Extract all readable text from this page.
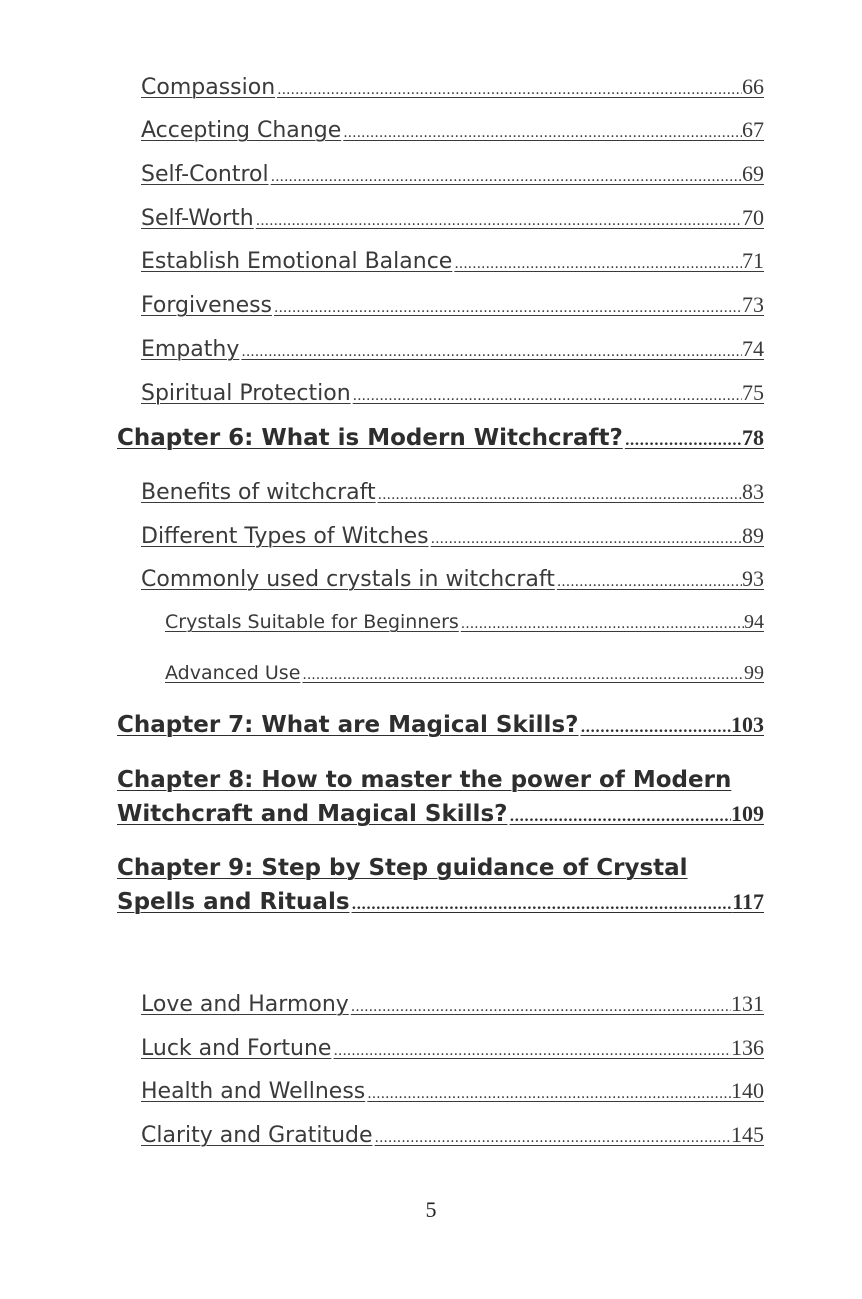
Compassion .....	66
Accepting Change .....	67
Self-Control .....	69
Self-Worth .....	70
Establish Emotional Balance .....	71
Forgiveness .....	73
Empathy .....	74
Spiritual Protection .....	75
Chapter 6: What is Modern Witchcraft? .....	78
Benefits of witchcraft .....	83
Different Types of Witches .....	89
Commonly used crystals in witchcraft .....	93
Crystals Suitable for Beginners .....	94
Advanced Use .....	99
Chapter 7: What are Magical Skills? .....	103
Chapter 8: How to master the power of Modern
Witchcraft and Magical Skills? .....	109
Chapter 9: Step by Step guidance of Crystal
Spells and Rituals .....	117
Love and Harmony .....	131
Luck and Fortune .....	136
Health and Wellness .....	140
Clarity and Gratitude .....	145
5
